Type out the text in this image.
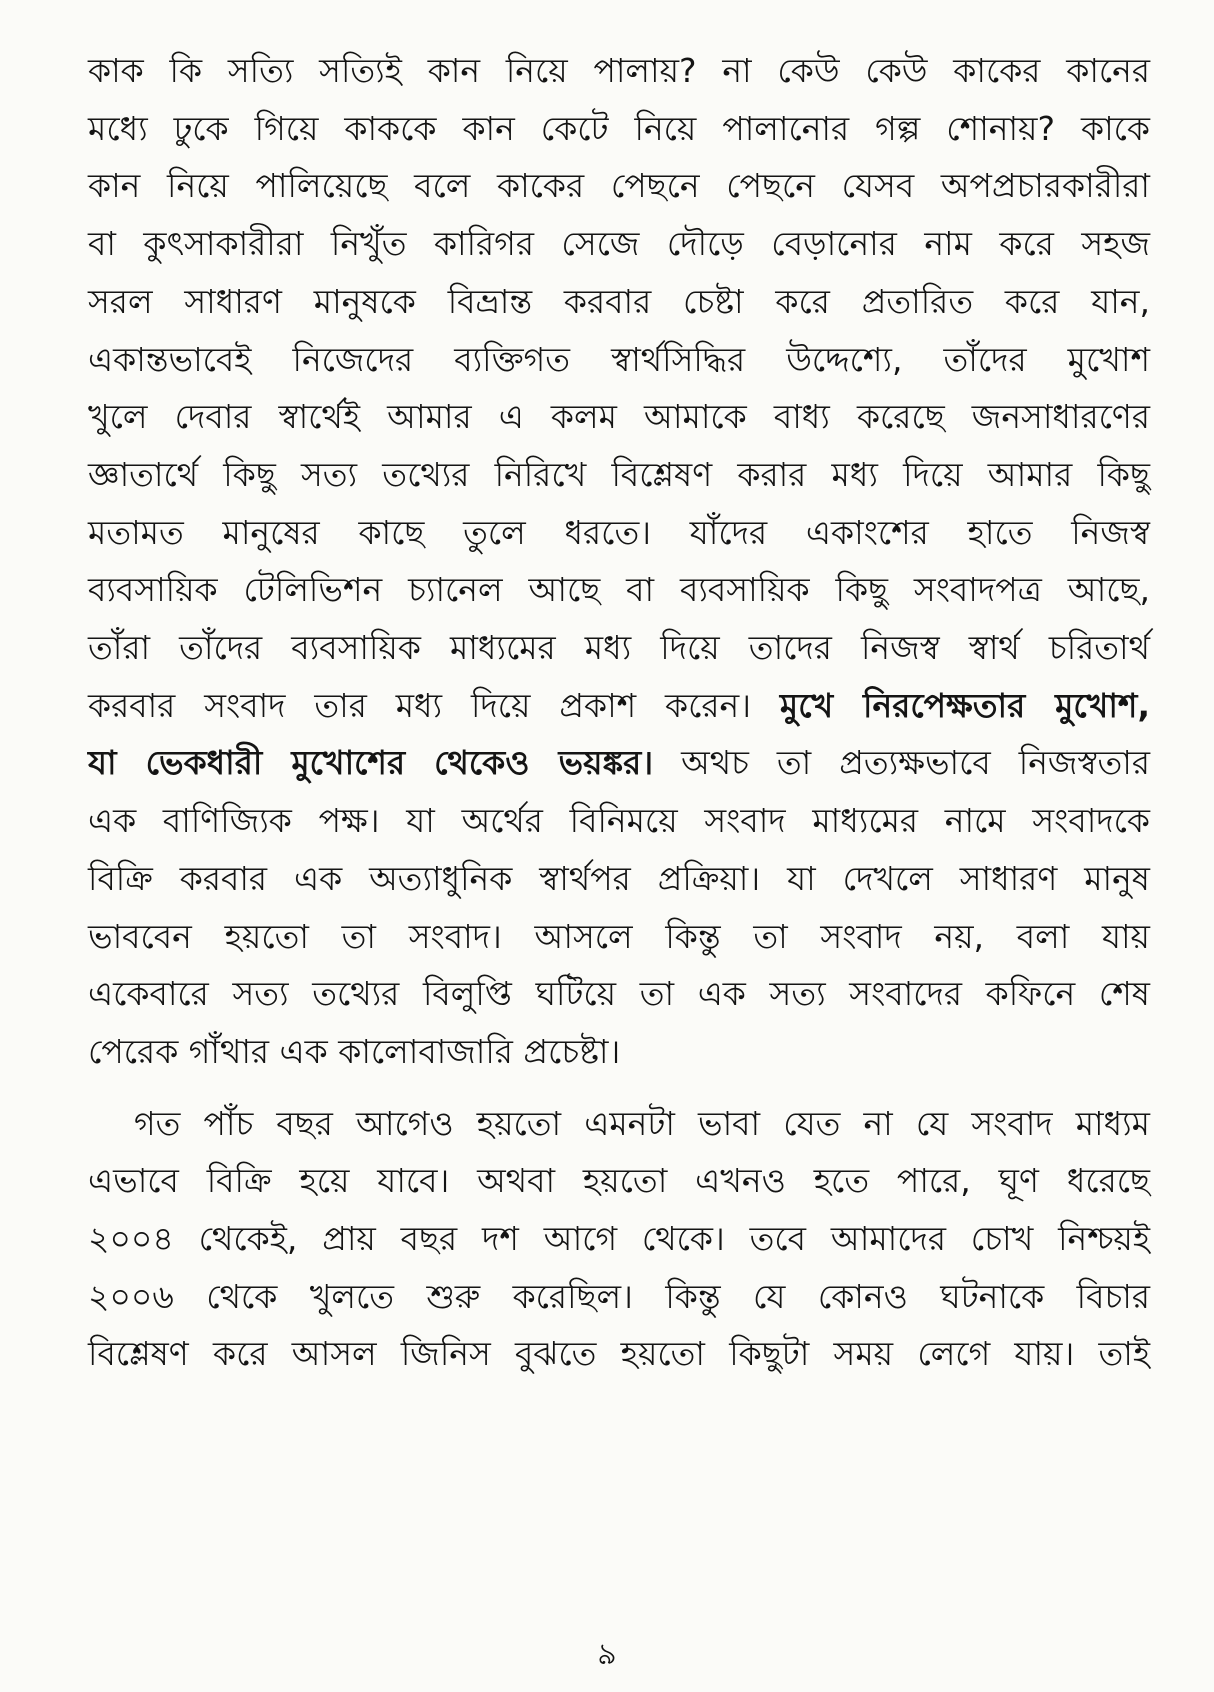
কাক কি সত্যি সত্যিই কান নিয়ে পালায়? না কেউ কেউ কাকের কানের
মধ্যে ঢুকে গিয়ে কাককে কান কেটে নিয়ে পালানোর গল্প শোনায়? কাকে
কান নিয়ে পালিয়েছে বলে কাকের পেছনে পেছনে যেসব অপপ্রচারকারীরা
বা কুৎসাকারীরা নিখুঁত কারিগর সেজে দৌড়ে বেড়ানোর নাম করে সহজ
সরল সাধারণ মানুষকে বিভ্রান্ত করবার চেষ্টা করে প্রতারিত করে যান,
একান্তভাবেই নিজেদের ব্যক্তিগত স্বার্থসিদ্ধির উদ্দেশ্যে, তাঁদের মুখোশ
খুলে দেবার স্বার্থেই আমার এ কলম আমাকে বাধ্য করেছে জনসাধারণের
জ্ঞাতার্থে কিছু সত্য তথ্যের নিরিখে বিশ্লেষণ করার মধ্য দিয়ে আমার কিছু
মতামত মানুষের কাছে তুলে ধরতে। যাঁদের একাংশের হাতে নিজস্ব
ব্যবসায়িক টেলিভিশন চ্যানেল আছে বা ব্যবসায়িক কিছু সংবাদপত্র আছে,
তাঁরা তাঁদের ব্যবসায়িক মাধ্যমের মধ্য দিয়ে তাদের নিজস্ব স্বার্থ চরিতার্থ
করবার সংবাদ তার মধ্য দিয়ে প্রকাশ করেন। মুখে নিরপেক্ষতার মুখোশ,
যা ভেকধারী মুখোশের থেকেও ভয়ঙ্কর। অথচ তা প্রত্যক্ষভাবে নিজস্বতার
এক বাণিজ্যিক পক্ষ। যা অর্থের বিনিময়ে সংবাদ মাধ্যমের নামে সংবাদকে
বিক্রি করবার এক অত্যাধুনিক স্বার্থপর প্রক্রিয়া। যা দেখলে সাধারণ মানুষ
ভাববেন হয়তো তা সংবাদ। আসলে কিন্তু তা সংবাদ নয়, বলা যায়
একেবারে সত্য তথ্যের বিলুপ্তি ঘটিয়ে তা এক সত্য সংবাদের কফিনে শেষ
পেরেক গাঁথার এক কালোবাজারি প্রচেষ্টা।
গত পাঁচ বছর আগেও হয়তো এমনটা ভাবা যেত না যে সংবাদ মাধ্যম
এভাবে বিক্রি হয়ে যাবে। অথবা হয়তো এখনও হতে পারে, ঘূণ ধরেছে
২০০৪ থেকেই, প্রায় বছর দশ আগে থেকে। তবে আমাদের চোখ নিশ্চয়ই
২০০৬ থেকে খুলতে শুরু করেছিল। কিন্তু যে কোনও ঘটনাকে বিচার
বিশ্লেষণ করে আসল জিনিস বুঝতে হয়তো কিছুটা সময় লেগে যায়। তাই
৯
